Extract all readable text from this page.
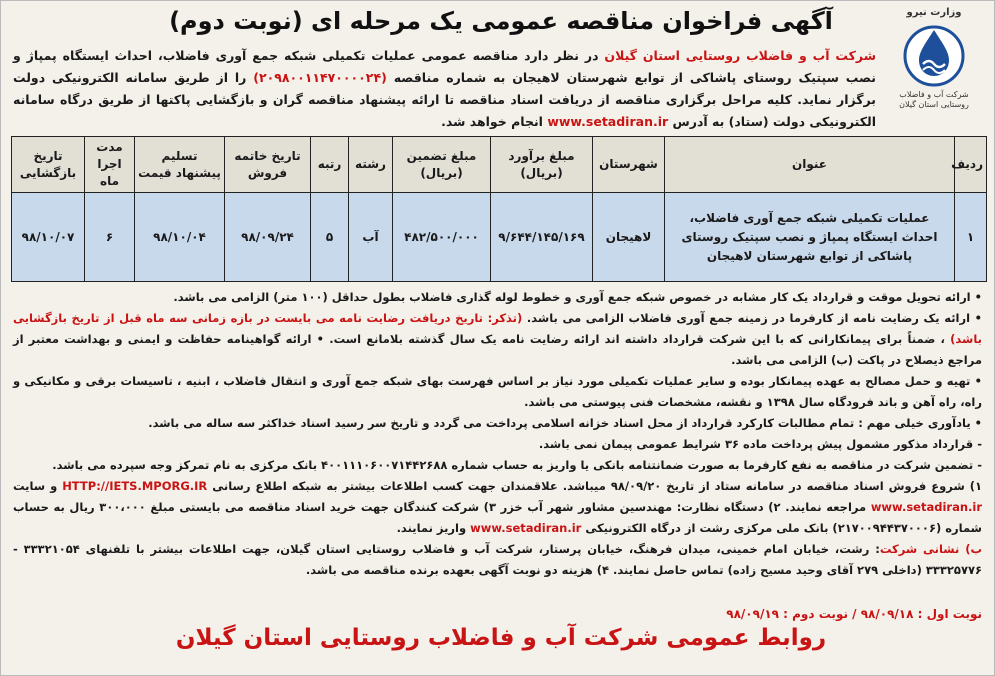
وزارت نیرو
شرکت آب و فاضلاب روستایی استان گیلان
آگهی فراخوان مناقصه عمومی یک مرحله ای (نوبت دوم)
شرکت آب و فاضلاب روستایی استان گیلان در نظر دارد مناقصه عمومی عملیات تکمیلی شبکه جمع آوری فاضلاب، احداث ایستگاه پمپاژ و نصب سپتیک روستای پاشاکی از توابع شهرستان لاهیجان به شماره مناقصه (۲۰۹۸۰۰۱۱۴۷۰۰۰۰۲۴) را از طریق سامانه الکترونیکی دولت برگزار نماید. کلیه مراحل برگزاری مناقصه از دریافت اسناد مناقصه تا ارائه پیشنهاد مناقصه گران و بازگشایی پاکتها از طریق درگاه سامانه الکترونیکی دولت (ستاد) به آدرس www.setadiran.ir انجام خواهد شد.
ردیف	عنوان	شهرستان	مبلغ برآورد (بریال)	مبلغ تضمین (بریال)	رشته	رتبه	تاریخ خاتمه فروش	تسلیم پیشنهاد قیمت	مدت اجرا ماه	تاریخ بازگشایی
۱	عملیات تکمیلی شبکه جمع آوری فاضلاب، احداث ایستگاه پمپاژ و نصب سپتیک روستای پاشاکی از توابع شهرستان لاهیجان	لاهیجان	۹/۶۴۴/۱۴۵/۱۶۹	۴۸۲/۵۰۰/۰۰۰	آب	۵	۹۸/۰۹/۲۴	۹۸/۱۰/۰۴	۶	۹۸/۱۰/۰۷

• ارائه تحویل موقت و قرارداد یک کار مشابه در خصوص شبکه جمع آوری و خطوط لوله گذاری فاضلاب بطول حداقل (۱۰۰ متر) الزامی می باشد.

• ارائه یک رضایت نامه از کارفرما در زمینه جمع آوری فاضلاب الزامی می باشد. (تذکر: تاریخ دریافت رضایت نامه می بایست در بازه زمانی سه ماه قبل از تاریخ بازگشایی باشد) ، ضمناً برای پیمانکارانی که با این شرکت قرارداد داشته اند ارائه رضایت نامه یک سال گذشته بلامانع است. • ارائه گواهینامه حفاظت و ایمنی و بهداشت معتبر از مراجع ذیصلاح در پاکت (ب) الزامی می باشد.

• تهیه و حمل مصالح به عهده پیمانکار بوده و سایر عملیات تکمیلی مورد نیاز بر اساس فهرست بهای شبکه جمع آوری و انتقال فاضلاب ، ابنیه ، تاسیسات برقی و مکانیکی و راه، راه آهن و باند فرودگاه سال ۱۳۹۸ و نقشه، مشخصات فنی پیوستی می باشد.

• یادآوری خیلی مهم : تمام مطالبات کارکرد قرارداد از محل اسناد خزانه اسلامی پرداخت می گردد و تاریخ سر رسید اسناد خداکثر سه ساله می باشد.

- قرارداد مذکور مشمول پیش پرداخت ماده ۳۶ شرایط عمومی پیمان نمی باشد.

- تضمین شرکت در مناقصه به نفع کارفرما به صورت ضمانتنامه بانکی یا واریز به حساب شماره ۴۰۰۱۱۱۰۶۰۰۷۱۴۴۲۶۸۸ بانک مرکزی به نام تمرکز وجه سپرده می باشد.

۱) شروع فروش اسناد مناقصه در سامانه ستاد از تاریخ ۹۸/۰۹/۲۰ میباشد. علاقمندان جهت کسب اطلاعات بیشتر به شبکه اطلاع رسانی HTTP://IETS.MPORG.IR و سایت www.setadiran.ir مراجعه نمایند. ۲) دستگاه نظارت: مهندسین مشاور شهر آب خزر ۳) شرکت کنندگان جهت خرید اسناد مناقصه می بایستی مبلغ ۳۰۰،۰۰۰ ریال به حساب شماره (۲۱۷۰۰۹۴۴۳۷۰۰۰۶) بانک ملی مرکزی رشت از درگاه الکترونیکی www.setadiran.ir واریز نمایند.

ب) نشانی شرکت: رشت، خیابان امام خمینی، میدان فرهنگ، خیابان پرستار، شرکت آب و فاضلاب روستایی استان گیلان، جهت اطلاعات بیشتر با تلفنهای ۳۳۳۲۱۰۵۴ - ۳۳۳۲۵۷۷۶ (داخلی ۲۷۹ آقای وحید مسیح زاده) تماس حاصل نمایند. ۴) هزینه دو نوبت آگهی بعهده برنده مناقصه می باشد.

نوبت اول : ۹۸/۰۹/۱۸ / نوبت دوم : ۹۸/۰۹/۱۹
روابط عمومی شرکت آب و فاضلاب روستایی استان گیلان
